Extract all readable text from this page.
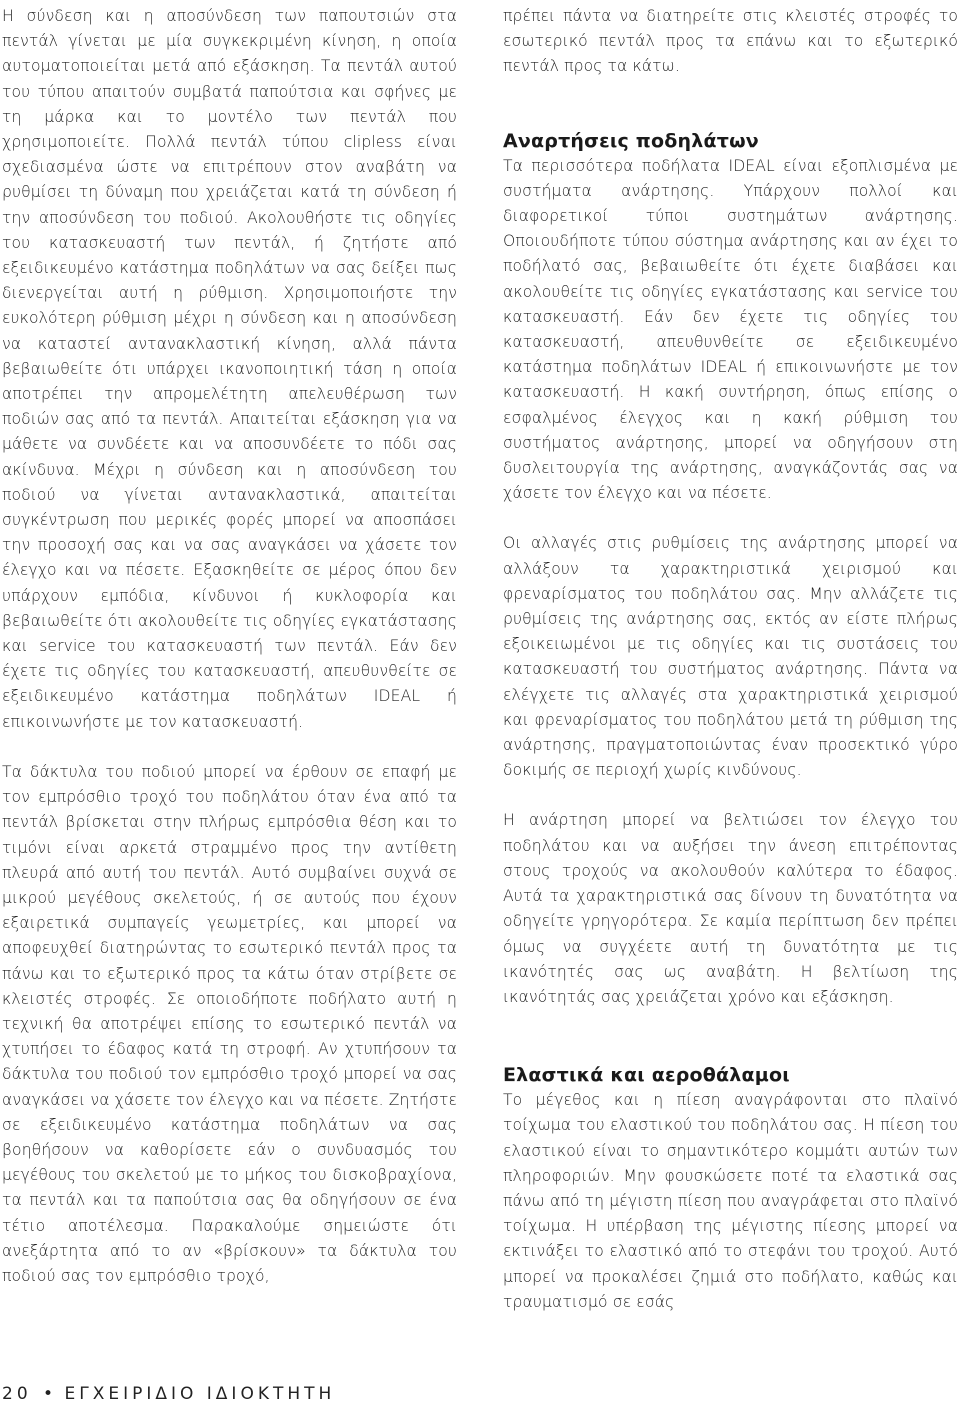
Η σύνδεση και η αποσύνδεση των παπουτσιών στα πεντάλ γίνεται με μία συγκεκριμένη κίνηση, η οποία αυτοματοποιείται μετά από εξάσκηση. Τα πεντάλ αυτού του τύπου απαιτούν συμβατά παπούτσια και σφήνες με τη μάρκα και το μοντέλο των πεντάλ που χρησιμοποιείτε. Πολλά πεντάλ τύπου clipless είναι σχεδιασμένα ώστε να επιτρέπουν στον αναβάτη να ρυθμίσει τη δύναμη που χρειάζεται κατά τη σύνδεση ή την αποσύνδεση του ποδιού. Ακολουθήστε τις οδηγίες του κατασκευαστή των πεντάλ, ή ζητήστε από εξειδικευμένο κατάστημα ποδηλάτων να σας δείξει πως διενεργείται αυτή η ρύθμιση. Χρησιμοποιήστε την ευκολότερη ρύθμιση μέχρι η σύνδεση και η αποσύνδεση να καταστεί αντανακλαστική κίνηση, αλλά πάντα βεβαιωθείτε ότι υπάρχει ικανοποιητική τάση η οποία αποτρέπει την απρομελέτητη απελευθέρωση των ποδιών σας από τα πεντάλ. Απαιτείται εξάσκηση για να μάθετε να συνδέετε και να αποσυνδέετε το πόδι σας ακίνδυνα. Μέχρι η σύνδεση και η αποσύνδεση του ποδιού να γίνεται αντανακλαστικά, απαιτείται συγκέντρωση που μερικές φορές μπορεί να αποσπάσει την προσοχή σας και να σας αναγκάσει να χάσετε τον έλεγχο και να πέσετε. Εξασκηθείτε σε μέρος όπου δεν υπάρχουν εμπόδια, κίνδυνοι ή κυκλοφορία και βεβαιωθείτε ότι ακολουθείτε τις οδηγίες εγκατάστασης και service του κατασκευαστή των πεντάλ. Εάν δεν έχετε τις οδηγίες του κατασκευαστή, απευθυνθείτε σε εξειδικευμένο κατάστημα ποδηλάτων IDEAL ή επικοινωνήστε με τον κατασκευαστή.

Τα δάκτυλα του ποδιού μπορεί να έρθουν σε επαφή με τον εμπρόσθιο τροχό του ποδηλάτου όταν ένα από τα πεντάλ βρίσκεται στην πλήρως εμπρόσθια θέση και το τιμόνι είναι αρκετά στραμμένο προς την αντίθετη πλευρά από αυτή του πεντάλ. Αυτό συμβαίνει συχνά σε μικρού μεγέθους σκελετούς, ή σε αυτούς που έχουν εξαιρετικά συμπαγείς γεωμετρίες, και μπορεί να αποφευχθεί διατηρώντας το εσωτερικό πεντάλ προς τα πάνω και το εξωτερικό προς τα κάτω όταν στρίβετε σε κλειστές στροφές. Σε οποιοδήποτε ποδήλατο αυτή η τεχνική θα αποτρέψει επίσης το εσωτερικό πεντάλ να χτυπήσει το έδαφος κατά τη στροφή. Αν χτυπήσουν τα δάκτυλα του ποδιού τον εμπρόσθιο τροχό μπορεί να σας αναγκάσει να χάσετε τον έλεγχο και να πέσετε. Ζητήστε σε εξειδικευμένο κατάστημα ποδηλάτων να σας βοηθήσουν να καθορίσετε εάν ο συνδυασμός του μεγέθους του σκελετού με το μήκος του δισκοβραχίονα, τα πεντάλ και τα παπούτσια σας θα οδηγήσουν σε ένα τέτιο αποτέλεσμα. Παρακαλούμε σημειώστε ότι ανεξάρτητα από το αν «βρίσκουν» τα δάκτυλα του ποδιού σας τον εμπρόσθιο τροχό,

πρέπει πάντα να διατηρείτε στις κλειστές στροφές το εσωτερικό πεντάλ προς τα επάνω και το εξωτερικό πεντάλ προς τα κάτω.

Αναρτήσεις ποδηλάτων

Τα περισσότερα ποδήλατα IDEAL είναι εξοπλισμένα με συστήματα ανάρτησης. Υπάρχουν πολλοί και διαφορετικοί τύποι συστημάτων ανάρτησης. Οποιουδήποτε τύπου σύστημα ανάρτησης και αν έχει το ποδήλατό σας, βεβαιωθείτε ότι έχετε διαβάσει και ακολουθείτε τις οδηγίες εγκατάστασης και service του κατασκευαστή. Εάν δεν έχετε τις οδηγίες του κατασκευαστή, απευθυνθείτε σε εξειδικευμένο κατάστημα ποδηλάτων IDEAL ή επικοινωνήστε με τον κατασκευαστή. Η κακή συντήρηση, όπως επίσης ο εσφαλμένος έλεγχος και η κακή ρύθμιση του συστήματος ανάρτησης, μπορεί να οδηγήσουν στη δυσλειτουργία της ανάρτησης, αναγκάζοντάς σας να χάσετε τον έλεγχο και να πέσετε.

Οι αλλαγές στις ρυθμίσεις της ανάρτησης μπορεί να αλλάξουν τα χαρακτηριστικά χειρισμού και φρεναρίσματος του ποδηλάτου σας. Μην αλλάζετε τις ρυθμίσεις της ανάρτησης σας, εκτός αν είστε πλήρως εξοικειωμένοι με τις οδηγίες και τις συστάσεις του κατασκευαστή του συστήματος ανάρτησης. Πάντα να ελέγχετε τις αλλαγές στα χαρακτηριστικά χειρισμού και φρεναρίσματος του ποδηλάτου μετά τη ρύθμιση της ανάρτησης, πραγματοποιώντας έναν προσεκτικό γύρο δοκιμής σε περιοχή χωρίς κινδύνους.

Η ανάρτηση μπορεί να βελτιώσει τον έλεγχο του ποδηλάτου και να αυξήσει την άνεση επιτρέποντας στους τροχούς να ακολουθούν καλύτερα το έδαφος. Αυτά τα χαρακτηριστικά σας δίνουν τη δυνατότητα να οδηγείτε γρηγορότερα. Σε καμία περίπτωση δεν πρέπει όμως να συγχέετε αυτή τη δυνατότητα με τις ικανότητές σας ως αναβάτη. Η βελτίωση της ικανότητάς σας χρειάζεται χρόνο και εξάσκηση.

Ελαστικά και αεροθάλαμοι

Το μέγεθος και η πίεση αναγράφονται στο πλαϊνό τοίχωμα του ελαστικού του ποδηλάτου σας. Η πίεση του ελαστικού είναι το σημαντικότερο κομμάτι αυτών των πληροφοριών. Μην φουσκώσετε ποτέ τα ελαστικά σας πάνω από τη μέγιστη πίεση που αναγράφεται στο πλαϊνό τοίχωμα. Η υπέρβαση της μέγιστης πίεσης μπορεί να εκτινάξει το ελαστικό από το στεφάνι του τροχού. Αυτό μπορεί να προκαλέσει ζημιά στο ποδήλατο, καθώς και τραυματισμό σε εσάς

20 • ΕΓΧΕΙΡΙΔΙΟ ΙΔΙΟΚΤΗΤΗ
